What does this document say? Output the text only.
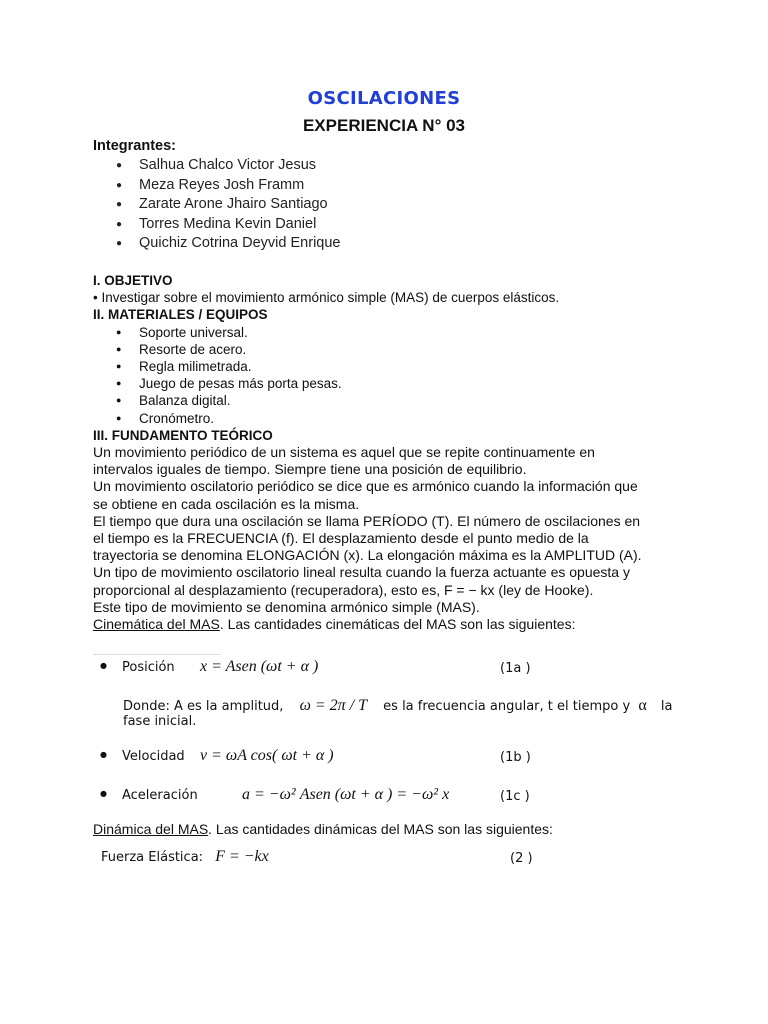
OSCILACIONES
EXPERIENCIA N° 03
Integrantes:
● Salhua Chalco Victor Jesus
● Meza Reyes Josh Framm
● Zarate Arone Jhairo Santiago
● Torres Medina Kevin Daniel
● Quichiz Cotrina Deyvid Enrique
I. OBJETIVO
• Investigar sobre el movimiento armónico simple (MAS) de cuerpos elásticos.
II. MATERIALES / EQUIPOS
● Soporte universal.
● Resorte de acero.
● Regla milimetrada.
● Juego de pesas más porta pesas.
● Balanza digital.
● Cronómetro.
III. FUNDAMENTO TEÓRICO
Un movimiento periódico de un sistema es aquel que se repite continuamente en
intervalos iguales de tiempo. Siempre tiene una posición de equilibrio.
Un movimiento oscilatorio periódico se dice que es armónico cuando la información que
se obtiene en cada oscilación es la misma.
El tiempo que dura una oscilación se llama PERÍODO (T). El número de oscilaciones en
el tiempo es la FRECUENCIA (f). El desplazamiento desde el punto medio de la
trayectoria se denomina ELONGACIÓN (x). La elongación máxima es la AMPLITUD (A).
Un tipo de movimiento oscilatorio lineal resulta cuando la fuerza actuante es opuesta y
proporcional al desplazamiento (recuperadora), esto es, F = − kx (ley de Hooke).
Este tipo de movimiento se denomina armónico simple (MAS).
Cinemática del MAS. Las cantidades cinemáticas del MAS son las siguientes:
● Posición x = Asen (ωt + α )	(1a )
Donde: A es la amplitud, ω = 2π / T es la frecuencia angular, t el tiempo y α la
fase inicial.
● Velocidad v = ωA cos( ωt + α )	(1b )
● Aceleración	a = −ω² Asen (ωt + α ) = −ω² x	(1c )
Dinámica del MAS. Las cantidades dinámicas del MAS son las siguientes:
Fuerza Elástica: F = −kx	(2 )
